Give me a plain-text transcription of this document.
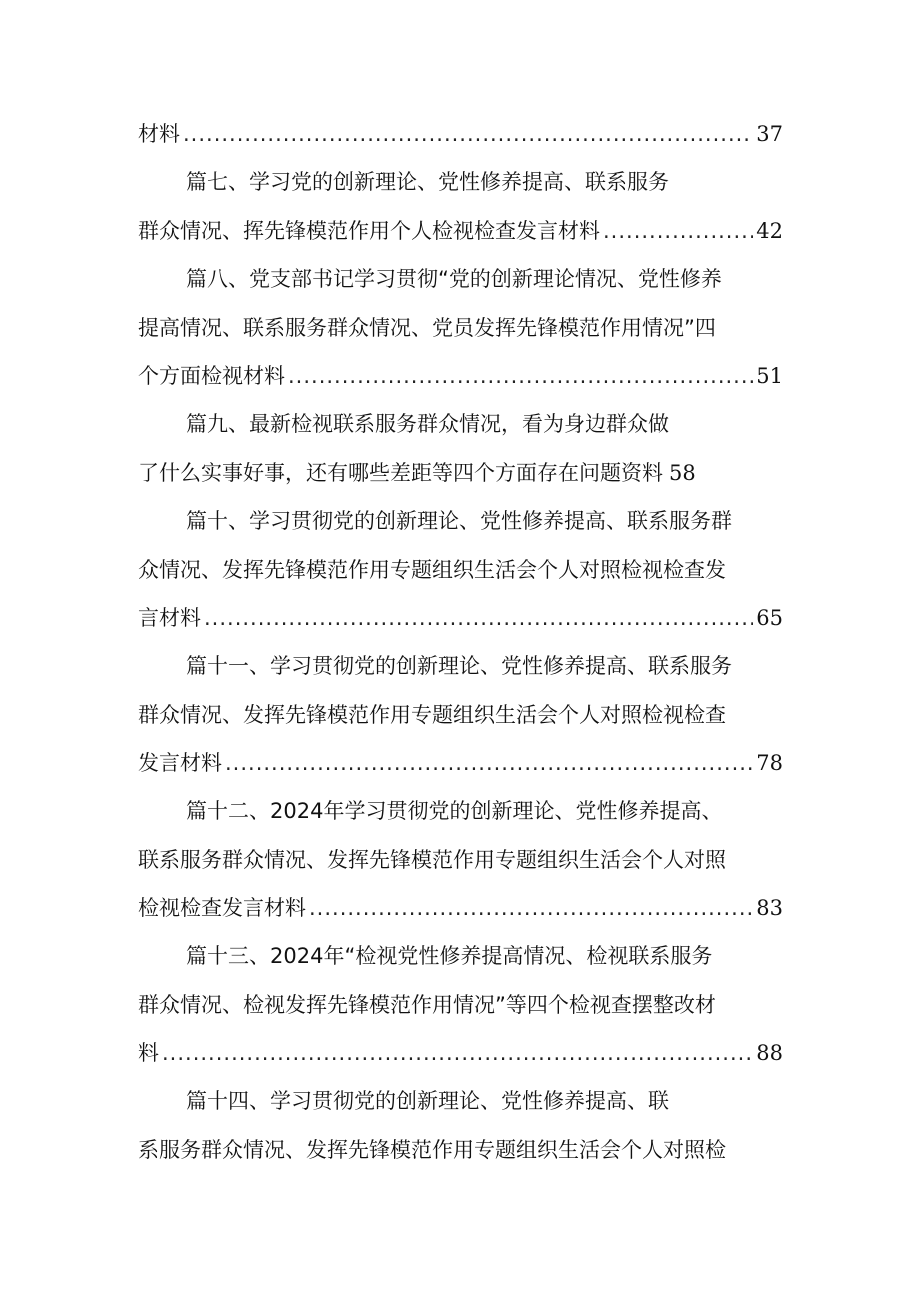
材料 .....	37
篇七、学习党的创新理论、党性修养提高、联系服务
群众情况、挥先锋模范作用个人检视检查发言材料 .....	42
篇八、党支部书记学习贯彻“党的创新理论情况、党性修养
提高情况、联系服务群众情况、党员发挥先锋模范作用情况”四
个方面检视材料 .....	51
篇九、最新检视联系服务群众情况，看为身边群众做
了什么实事好事，还有哪些差距等四个方面存在问题资料 58
篇十、学习贯彻党的创新理论、党性修养提高、联系服务群
众情况、发挥先锋模范作用专题组织生活会个人对照检视检查发
言材料 .....	65
篇十一、学习贯彻党的创新理论、党性修养提高、联系服务
群众情况、发挥先锋模范作用专题组织生活会个人对照检视检查
发言材料 .....	78
篇十二、2024年学习贯彻党的创新理论、党性修养提高、
联系服务群众情况、发挥先锋模范作用专题组织生活会个人对照
检视检查发言材料 .....	83
篇十三、2024年“检视党性修养提高情况、检视联系服务
群众情况、检视发挥先锋模范作用情况”等四个检视查摆整改材
料 .....	88
篇十四、学习贯彻党的创新理论、党性修养提高、联
系服务群众情况、发挥先锋模范作用专题组织生活会个人对照检
